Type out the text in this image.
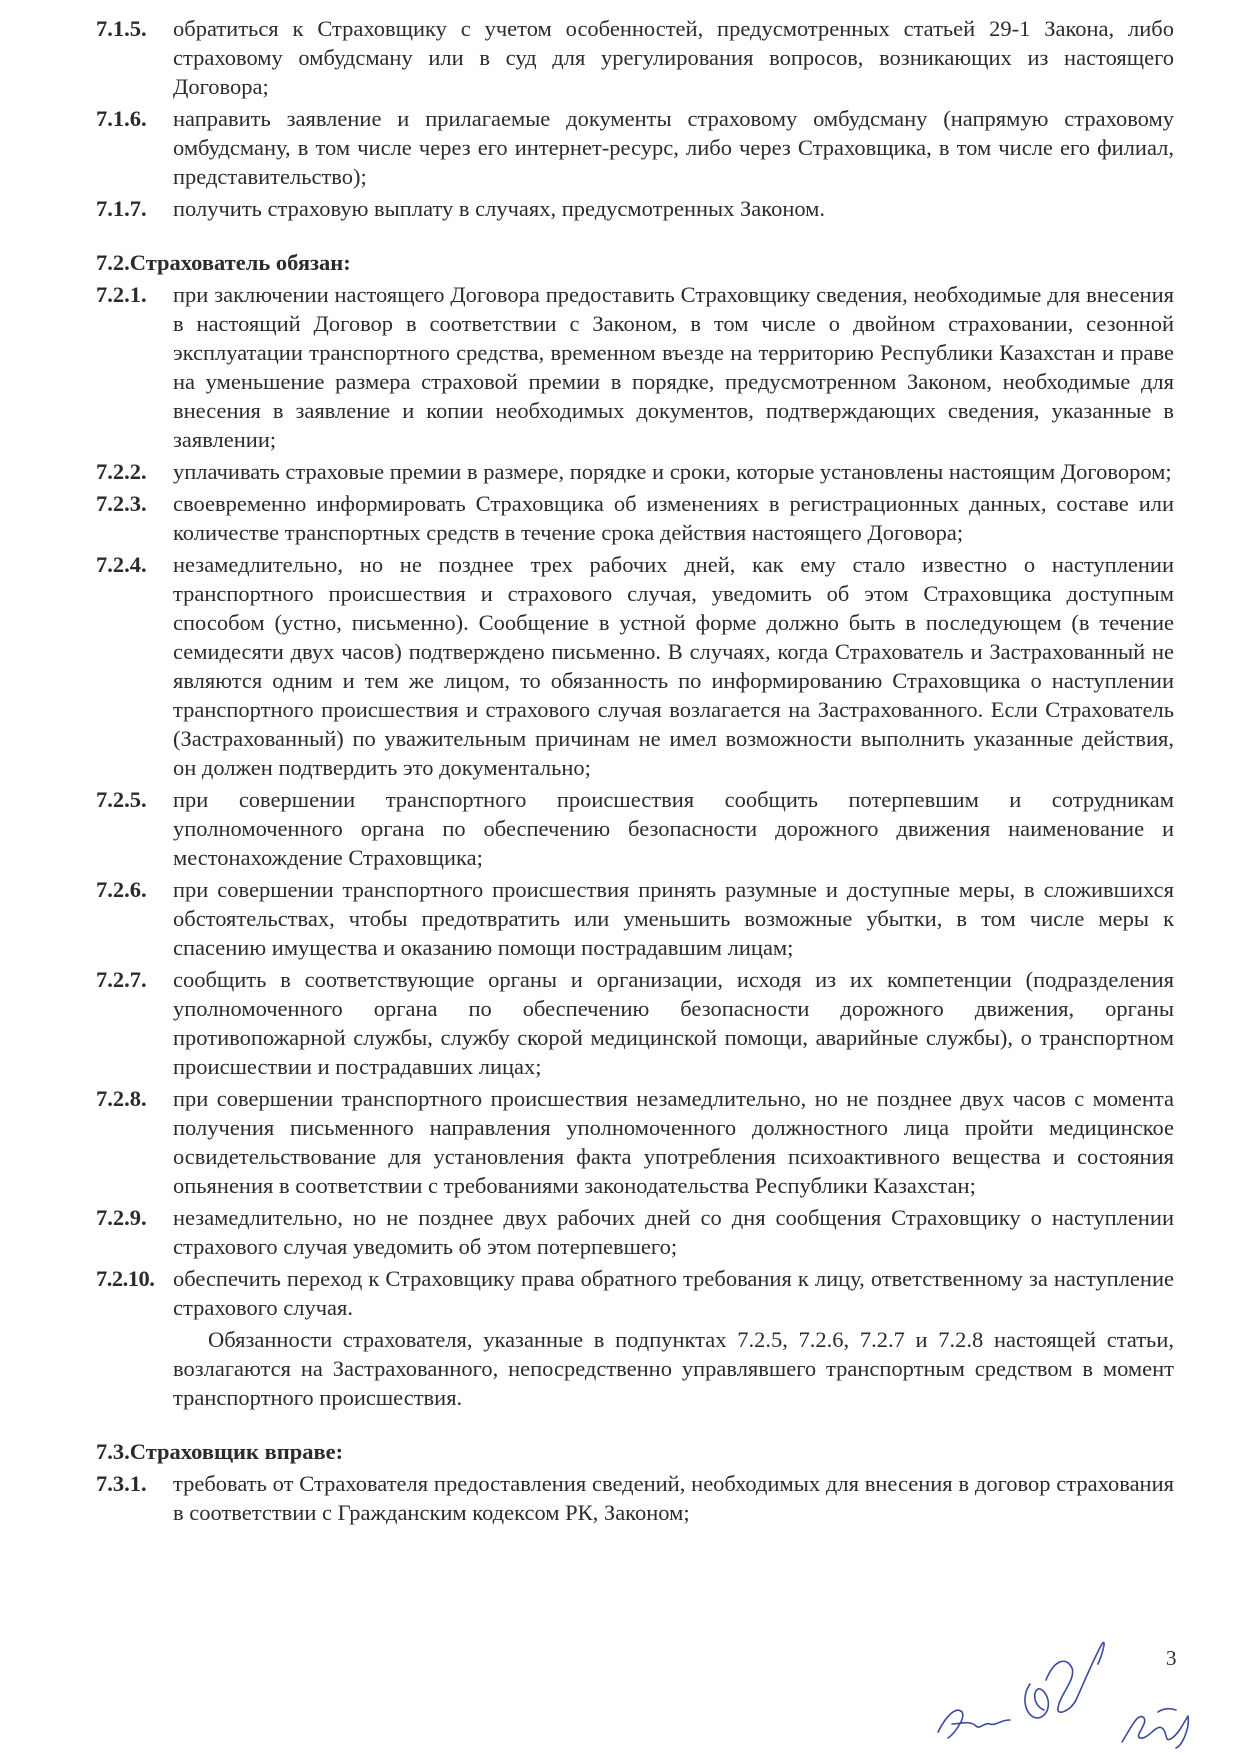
7.1.5.	обратиться к Страховщику с учетом особенностей, предусмотренных статьей 29-1 Закона, либо страховому омбудсману или в суд для урегулирования вопросов, возникающих из настоящего Договора;
7.1.6.	направить заявление и прилагаемые документы страховому омбудсману (напрямую страховому омбудсману, в том числе через его интернет-ресурс, либо через Страховщика, в том числе его филиал, представительство);
7.1.7.	получить страховую выплату в случаях, предусмотренных Законом.
7.2.Страхователь обязан:
7.2.1.	при заключении настоящего Договора предоставить Страховщику сведения, необходимые для внесения в настоящий Договор в соответствии с Законом, в том числе о двойном страховании, сезонной эксплуатации транспортного средства, временном въезде на территорию Республики Казахстан и праве на уменьшение размера страховой премии в порядке, предусмотренном Законом, необходимые для внесения в заявление и копии необходимых документов, подтверждающих сведения, указанные в заявлении;
7.2.2.	уплачивать страховые премии в размере, порядке и сроки, которые установлены настоящим Договором;
7.2.3.	своевременно информировать Страховщика об изменениях в регистрационных данных, составе или количестве транспортных средств в течение срока действия настоящего Договора;
7.2.4.	незамедлительно, но не позднее трех рабочих дней, как ему стало известно о наступлении транспортного происшествия и страхового случая, уведомить об этом Страховщика доступным способом (устно, письменно). Сообщение в устной форме должно быть в последующем (в течение семидесяти двух часов) подтверждено письменно. В случаях, когда Страхователь и Застрахованный не являются одним и тем же лицом, то обязанность по информированию Страховщика о наступлении транспортного происшествия и страхового случая возлагается на Застрахованного. Если Страхователь (Застрахованный) по уважительным причинам не имел возможности выполнить указанные действия, он должен подтвердить это документально;
7.2.5.	при совершении транспортного происшествия сообщить потерпевшим и сотрудникам уполномоченного органа по обеспечению безопасности дорожного движения наименование и местонахождение Страховщика;
7.2.6.	при совершении транспортного происшествия принять разумные и доступные меры, в сложившихся обстоятельствах, чтобы предотвратить или уменьшить возможные убытки, в том числе меры к спасению имущества и оказанию помощи пострадавшим лицам;
7.2.7.	сообщить в соответствующие органы и организации, исходя из их компетенции (подразделения уполномоченного органа по обеспечению безопасности дорожного движения, органы противопожарной службы, службу скорой медицинской помощи, аварийные службы), о транспортном происшествии и пострадавших лицах;
7.2.8.	при совершении транспортного происшествия незамедлительно, но не позднее двух часов с момента получения письменного направления уполномоченного должностного лица пройти медицинское освидетельствование для установления факта употребления психоактивного вещества и состояния опьянения в соответствии с требованиями законодательства Республики Казахстан;
7.2.9.	незамедлительно, но не позднее двух рабочих дней со дня сообщения Страховщику о наступлении страхового случая уведомить об этом потерпевшего;
7.2.10. обеспечить переход к Страховщику права обратного требования к лицу, ответственному за наступление страхового случая.
Обязанности страхователя, указанные в подпунктах 7.2.5, 7.2.6, 7.2.7 и 7.2.8 настоящей статьи, возлагаются на Застрахованного, непосредственно управлявшего транспортным средством в момент транспортного происшествия.
7.3.Страховщик вправе:
7.3.1.	требовать от Страхователя предоставления сведений, необходимых для внесения в договор страхования в соответствии с Гражданским кодексом РК, Законом;
3
